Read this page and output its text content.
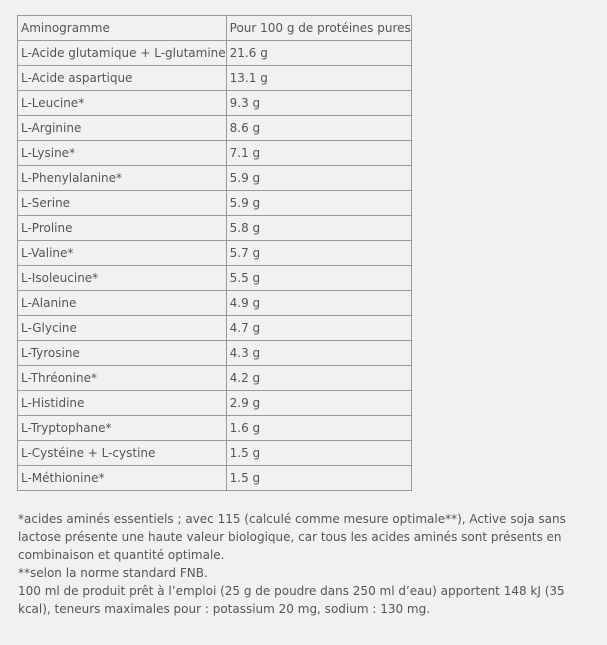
Aminogramme	Pour 100 g de protéines pures
L-Acide glutamique + L-glutamine	21.6 g
L-Acide aspartique	13.1 g
L-Leucine*	9.3 g
L-Arginine	8.6 g
L-Lysine*	7.1 g
L-Phenylalanine*	5.9 g
L-Serine	5.9 g
L-Proline	5.8 g
L-Valine*	5.7 g
L-Isoleucine*	5.5 g
L-Alanine	4.9 g
L-Glycine	4.7 g
L-Tyrosine	4.3 g
L-Thréonine*	4.2 g
L-Histidine	2.9 g
L-Tryptophane*	1.6 g
L-Cystéine + L-cystine	1.5 g
L-Méthionine*	1.5 g

*acides aminés essentiels ; avec 115 (calculé comme mesure optimale**), Active soja sans lactose présente une haute valeur biologique, car tous les acides aminés sont présents en combinaison et quantité optimale.

**selon la norme standard FNB.

100 ml de produit prêt à l’emploi (25 g de poudre dans 250 ml d’eau) apportent 148 kJ (35 kcal), teneurs maximales pour : potassium 20 mg, sodium : 130 mg.
